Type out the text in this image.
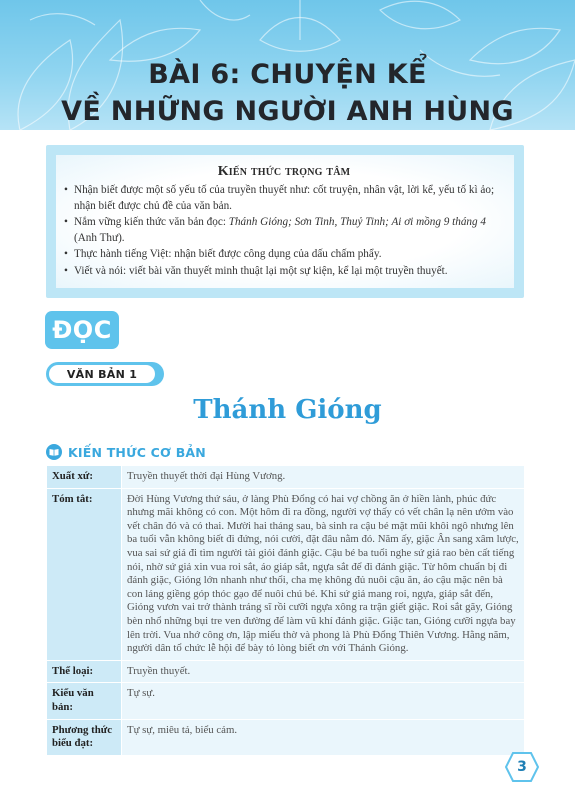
BÀI 6: CHUYỆN KỂ
VỀ NHỮNG NGƯỜI ANH HÙNG
Kiến thức trọng tâm
• Nhận biết được một số yếu tố của truyền thuyết như: cốt truyện, nhân vật, lời kể, yếu tố kì ảo; nhận biết được chủ đề của văn bản.
• Nắm vững kiến thức văn bản đọc: Thánh Gióng; Sơn Tinh, Thuỷ Tinh; Ai ơi mồng 9 tháng 4 (Anh Thư).
• Thực hành tiếng Việt: nhận biết được công dụng của dấu chấm phẩy.
• Viết và nói: viết bài văn thuyết minh thuật lại một sự kiện, kể lại một truyền thuyết.
ĐỌC
VĂN BẢN 1
Thánh Gióng
KIẾN THỨC CƠ BẢN
Xuất xứ:	Truyền thuyết thời đại Hùng Vương.
Tóm tắt:	Đời Hùng Vương thứ sáu, ở làng Phù Đổng có hai vợ chồng ăn ở hiền lành, phúc đức nhưng mãi không có con. Một hôm đi ra đồng, người vợ thấy có vết chân lạ nên ướm vào vết chân đó và có thai. Mười hai tháng sau, bà sinh ra cậu bé mặt mũi khôi ngô nhưng lên ba tuổi vẫn không biết đi đứng, nói cười, đặt đâu nằm đó. Năm ấy, giặc Ân sang xâm lược, vua sai sứ giả đi tìm người tài giỏi đánh giặc. Cậu bé ba tuổi nghe sứ giả rao bèn cất tiếng nói, nhờ sứ giả xin vua roi sắt, áo giáp sắt, ngựa sắt để đi đánh giặc. Từ hôm chuẩn bị đi đánh giặc, Gióng lớn nhanh như thổi, cha mẹ không đủ nuôi cậu ăn, áo cậu mặc nên bà con láng giềng góp thóc gạo để nuôi chú bé. Khi sứ giả mang roi, ngựa, giáp sắt đến, Gióng vươn vai trở thành tráng sĩ rồi cưỡi ngựa xông ra trận giết giặc. Roi sắt gãy, Gióng bèn nhổ những bụi tre ven đường để làm vũ khí đánh giặc. Giặc tan, Gióng cưỡi ngựa bay lên trời. Vua nhớ công ơn, lập miếu thờ và phong là Phù Đổng Thiên Vương. Hằng năm, người dân tổ chức lễ hội để bày tỏ lòng biết ơn với Thánh Gióng.
Thể loại:	Truyền thuyết.
Kiểu văn bản:	Tự sự.
Phương thức biểu đạt:	Tự sự, miêu tả, biểu cảm.
3
